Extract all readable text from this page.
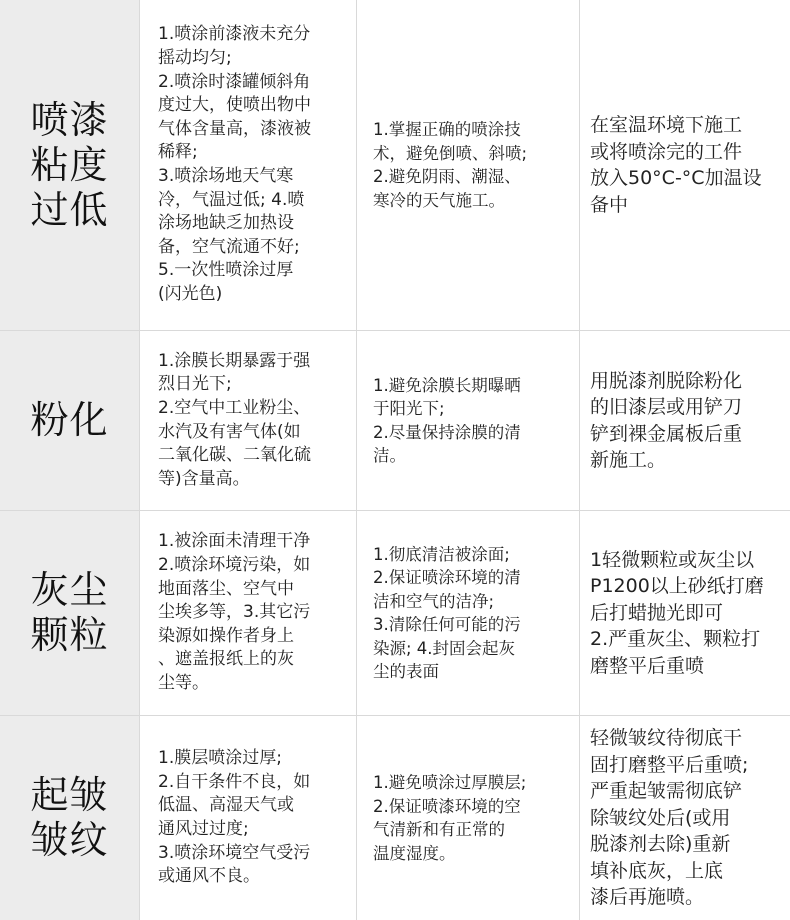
喷漆
粘度
过低
1.喷涂前漆液未充分
摇动均匀;
2.喷涂时漆罐倾斜角
度过大，使喷出物中
气体含量高，漆液被
稀释;
3.喷涂场地天气寒
冷，气温过低; 4.喷
涂场地缺乏加热设
备，空气流通不好;
5.一次性喷涂过厚
(闪光色)
1.掌握正确的喷涂技
术，避免倒喷、斜喷;
2.避免阴雨、潮湿、
寒冷的天气施工。
在室温环境下施工
或将喷涂完的工件
放入50°C-°C加温设
备中
粉化
1.涂膜长期暴露于强
烈日光下;
2.空气中工业粉尘、
水汽及有害气体(如
二氧化碳、二氧化硫
等)含量高。
1.避免涂膜长期曝晒
于阳光下;
2.尽量保持涂膜的清
洁。
用脱漆剂脱除粉化
的旧漆层或用铲刀
铲到裸金属板后重
新施工。
灰尘
颗粒
1.被涂面未清理干净
2.喷涂环境污染，如
地面落尘、空气中
尘埃多等，3.其它污
染源如操作者身上
、遮盖报纸上的灰
尘等。
1.彻底清洁被涂面;
2.保证喷涂环境的清
洁和空气的洁净;
3.清除任何可能的污
染源; 4.封固会起灰
尘的表面
1轻微颗粒或灰尘以
P1200以上砂纸打磨
后打蜡抛光即可
2.严重灰尘、颗粒打
磨整平后重喷
起皱
皱纹
1.膜层喷涂过厚;
2.自干条件不良，如
低温、高湿天气或
通风过过度;
3.喷涂环境空气受污
或通风不良。
1.避免喷涂过厚膜层;
2.保证喷漆环境的空
气清新和有正常的
温度湿度。
轻微皱纹待彻底干
固打磨整平后重喷;
严重起皱需彻底铲
除皱纹处后(或用
脱漆剂去除)重新
填补底灰，上底
漆后再施喷。
